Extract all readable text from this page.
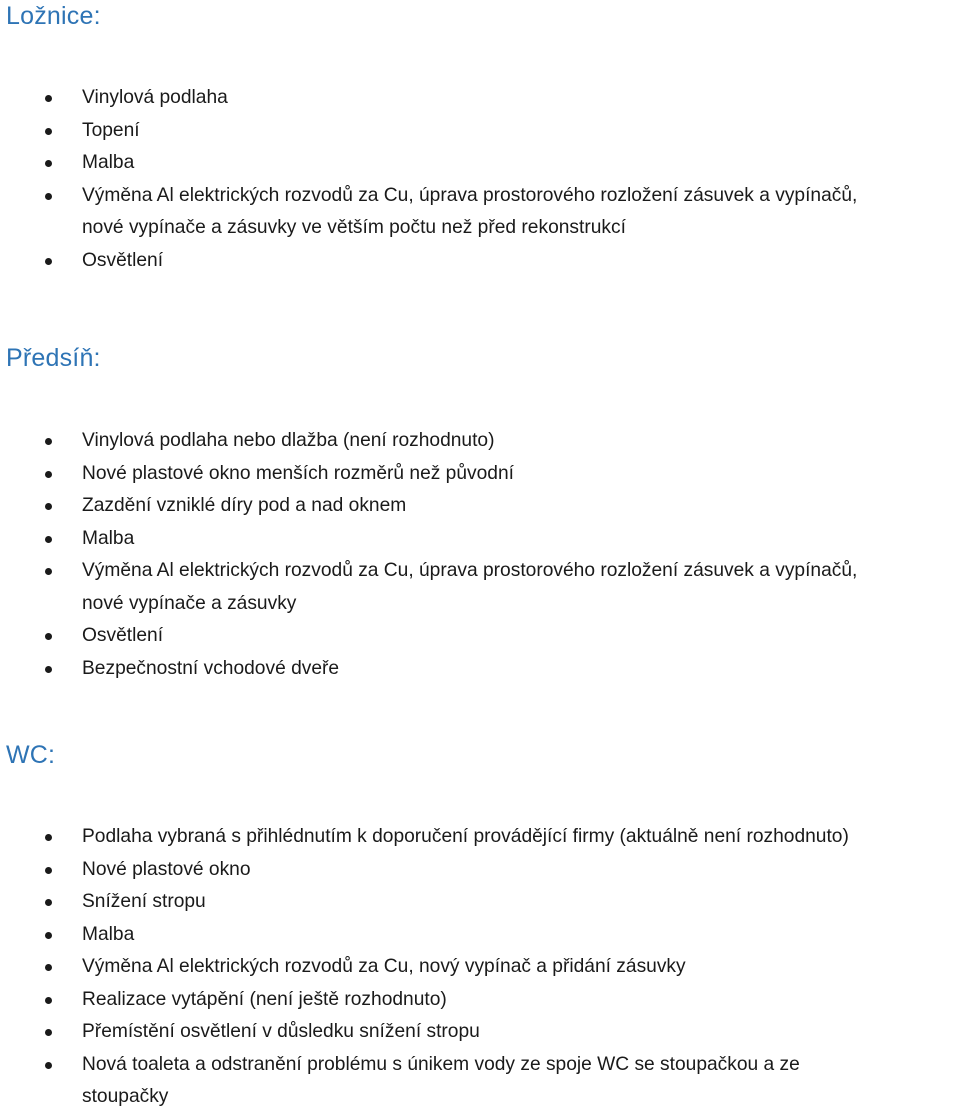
Ložnice:
Vinylová podlaha
Topení
Malba
Výměna Al elektrických rozvodů za Cu, úprava prostorového rozložení zásuvek a vypínačů,
nové vypínače a zásuvky ve větším počtu než před rekonstrukcí
Osvětlení
Předsíň:
Vinylová podlaha nebo dlažba (není rozhodnuto)
Nové plastové okno menších rozměrů než původní
Zazdění vzniklé díry pod a nad oknem
Malba
Výměna Al elektrických rozvodů za Cu, úprava prostorového rozložení zásuvek a vypínačů,
nové vypínače a zásuvky
Osvětlení
Bezpečnostní vchodové dveře
WC:
Podlaha vybraná s přihlédnutím k doporučení provádějící firmy (aktuálně není rozhodnuto)
Nové plastové okno
Snížení stropu
Malba
Výměna Al elektrických rozvodů za Cu, nový vypínač a přidání zásuvky
Realizace vytápění (není ještě rozhodnuto)
Přemístění osvětlení v důsledku snížení stropu
Nová toaleta a odstranění problému s únikem vody ze spoje WC se stoupačkou a ze
stoupačky
